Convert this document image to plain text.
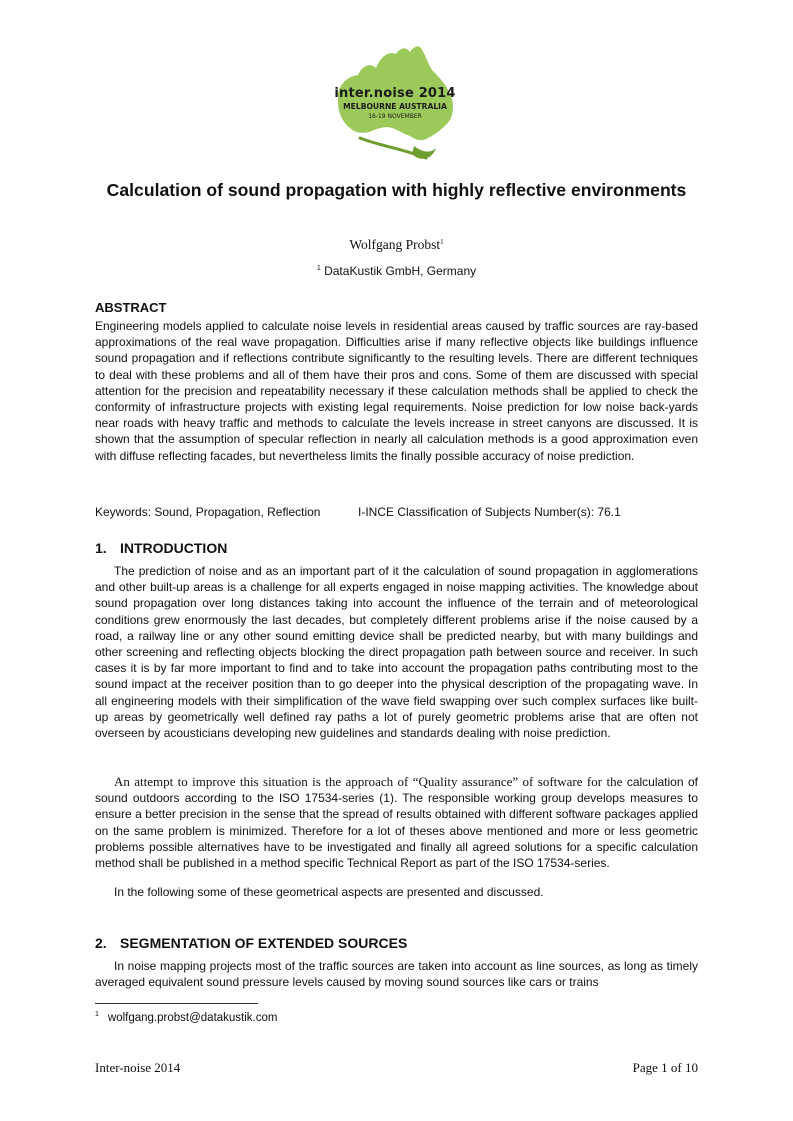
inter.noise 2014
MELBOURNE AUSTRALIA
16-19 NOVEMBER
Calculation of sound propagation with highly reflective environments
Wolfgang Probst$^1$
$^1$ DataKustik GmbH, Germany
ABSTRACT

Engineering models applied to calculate noise levels in residential areas caused by traffic sources are ray-based approximations of the real wave propagation. Difficulties arise if many reflective objects like buildings influence sound propagation and if reflections contribute significantly to the resulting levels. There are different techniques to deal with these problems and all of them have their pros and cons. Some of them are discussed with special attention for the precision and repeatability necessary if these calculation methods shall be applied to check the conformity of infrastructure projects with existing legal requirements. Noise prediction for low noise back-yards near roads with heavy traffic and methods to calculate the levels increase in street canyons are discussed. It is shown that the assumption of specular reflection in nearly all calculation methods is a good approximation even with diffuse reflecting facades, but nevertheless limits the finally possible accuracy of noise prediction.

Keywords: Sound, Propagation, Reflection	I-INCE Classification of Subjects Number(s): 76.1
1. INTRODUCTION

The prediction of noise and as an important part of it the calculation of sound propagation in agglomerations and other built-up areas is a challenge for all experts engaged in noise mapping activities. The knowledge about sound propagation over long distances taking into account the influence of the terrain and of meteorological conditions grew enormously the last decades, but completely different problems arise if the noise caused by a road, a railway line or any other sound emitting device shall be predicted nearby, but with many buildings and other screening and reflecting objects blocking the direct propagation path between source and receiver. In such cases it is by far more important to find and to take into account the propagation paths contributing most to the sound impact at the receiver position than to go deeper into the physical description of the propagating wave. In all engineering models with their simplification of the wave field swapping over such complex surfaces like built-up areas by geometrically well defined ray paths a lot of purely geometric problems arise that are often not overseen by acousticians developing new guidelines and standards dealing with noise prediction.

An attempt to improve this situation is the approach of “Quality assurance” of software for the calculation of sound outdoors according to the ISO 17534-series (1). The responsible working group develops measures to ensure a better precision in the sense that the spread of results obtained with different software packages applied on the same problem is minimized. Therefore for a lot of theses above mentioned and more or less geometric problems possible alternatives have to be investigated and finally all agreed solutions for a specific calculation method shall be published in a method specific Technical Report as part of the ISO 17534-series.

In the following some of these geometrical aspects are presented and discussed.

2. SEGMENTATION OF EXTENDED SOURCES

In noise mapping projects most of the traffic sources are taken into account as line sources, as long as timely averaged equivalent sound pressure levels caused by moving sound sources like cars or trains

$^1$ wolfgang.probst@datakustik.com
Inter-noise 2014	Page 1 of 10
